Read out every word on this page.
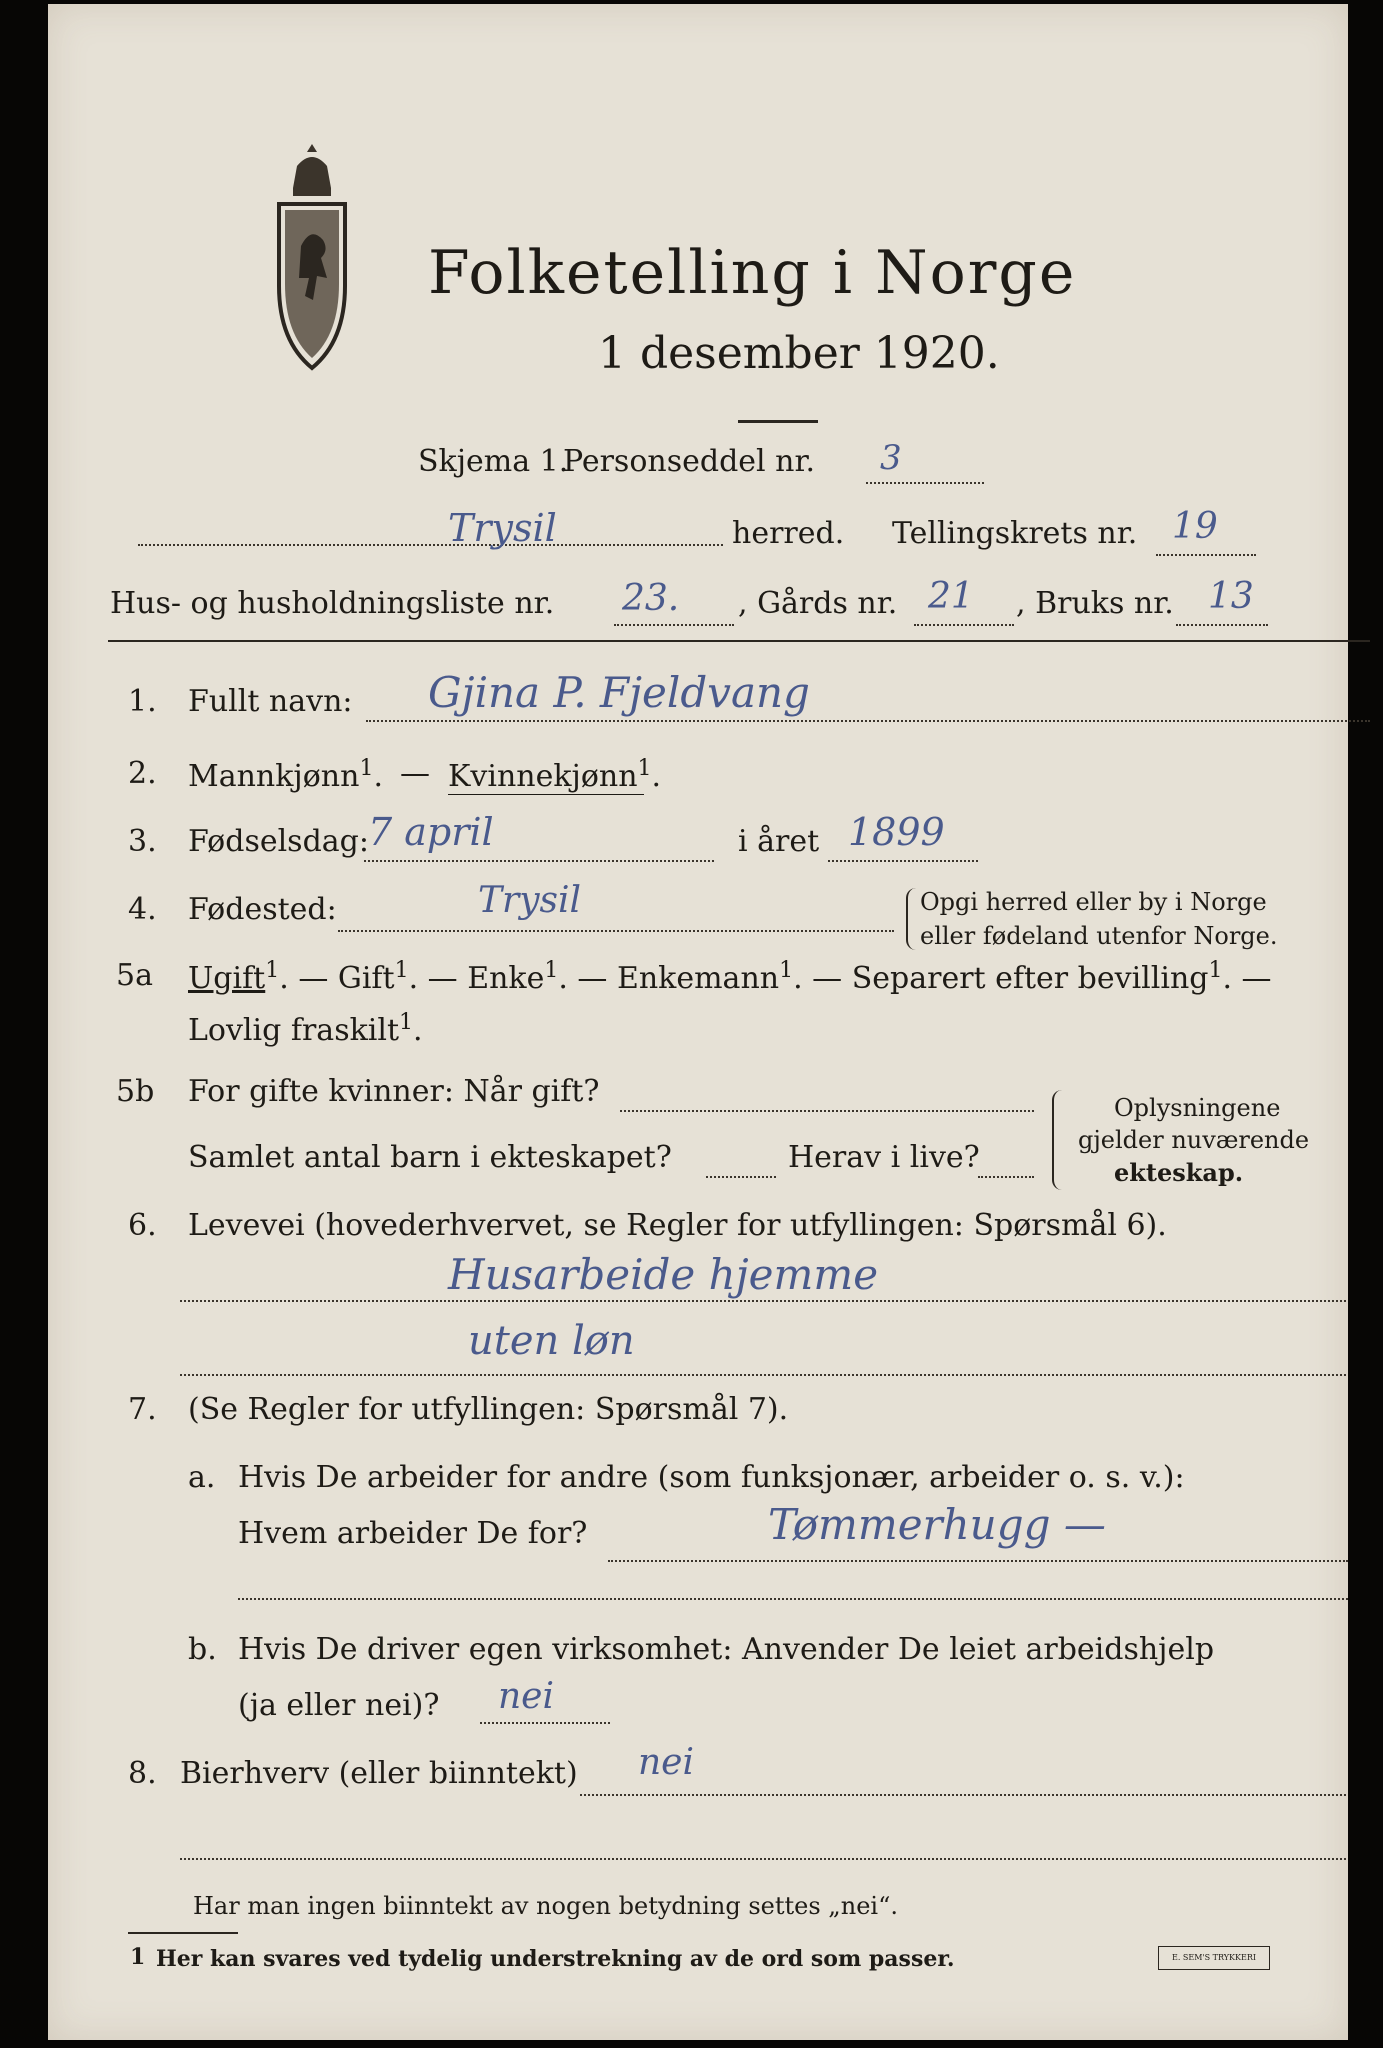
Folketelling i Norge
1 desember 1920.
Skjema 1.
Personseddel nr. 3
Trysil	herred. Tellingskrets nr. 19
Hus- og husholdningsliste nr. 23. , Gårds nr. 21 , Bruks nr. 13
1. Fullt navn: Gjina P. Fjeldvang
2. Mannkjønn$^1$. — Kvinnekjønn$^1$.
3. Fødselsdag: 7 april	i året 1899
4. Fødested:	Trysil	Opgi herred eller by i Norge
eller fødeland utenfor Norge.
5a Ugift$^1$. — Gift$^1$. — Enke$^1$. — Enkemann$^1$. — Separert efter bevilling$^1$. —
Lovlig fraskilt$^1$.
5b For gifte kvinner: Når gift?
Samlet antal barn i ekteskapet?	Herav i live?
Oplysningene
gjelder nuværende
ekteskap.
6. Levevei (hovederhvervet, se Regler for utfyllingen: Spørsmål 6).
Husarbeide hjemme
uten løn
7. (Se Regler for utfyllingen: Spørsmål 7).
a. Hvis De arbeider for andre (som funksjonær, arbeider o. s. v.):
Hvem arbeider De for?	Tømmerhugg —
b. Hvis De driver egen virksomhet: Anvender De leiet arbeidshjelp
(ja eller nei)? nei
8. Bierhverv (eller biinntekt) nei
Har man ingen biinntekt av nogen betydning settes „nei“.
1 Her kan svares ved tydelig understrekning av de ord som passer.	E. SEM'S TRYKKERI
